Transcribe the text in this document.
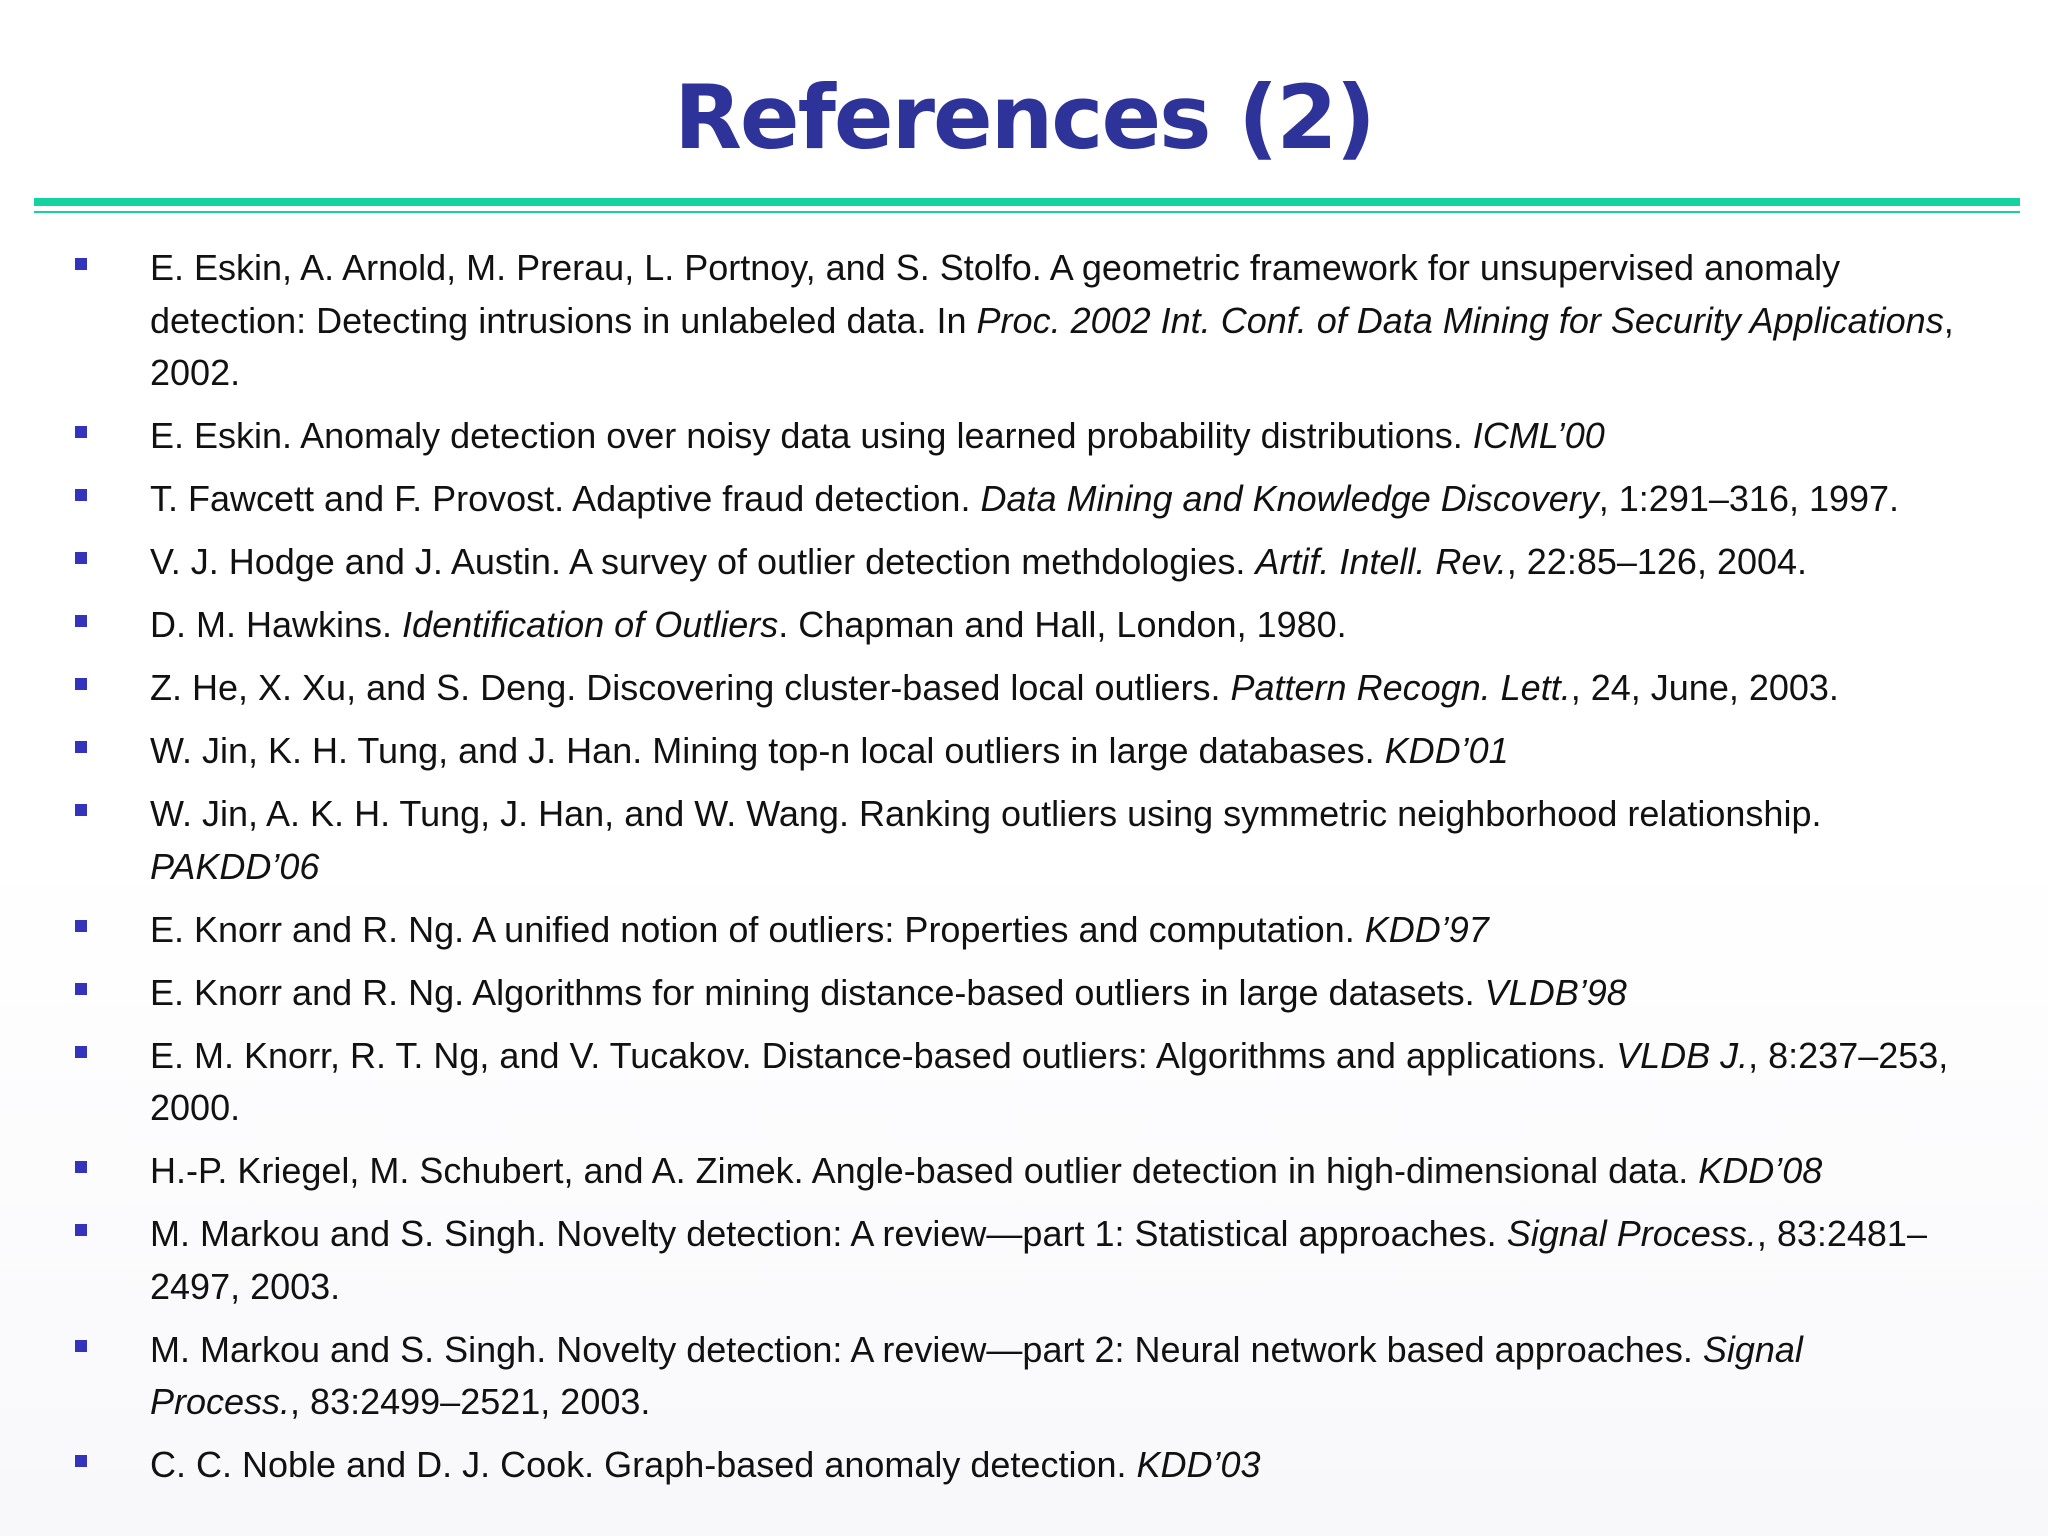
References (2)
E. Eskin, A. Arnold, M. Prerau, L. Portnoy, and S. Stolfo. A geometric framework for unsupervised anomaly detection: Detecting intrusions in unlabeled data. In Proc. 2002 Int. Conf. of Data Mining for Security Applications, 2002.
E. Eskin. Anomaly detection over noisy data using learned probability distributions. ICML’00
T. Fawcett and F. Provost. Adaptive fraud detection. Data Mining and Knowledge Discovery, 1:291–316, 1997.
V. J. Hodge and J. Austin. A survey of outlier detection methdologies. Artif. Intell. Rev., 22:85–126, 2004.
D. M. Hawkins. Identification of Outliers. Chapman and Hall, London, 1980.
Z. He, X. Xu, and S. Deng. Discovering cluster-based local outliers. Pattern Recogn. Lett., 24, June, 2003.
W. Jin, K. H. Tung, and J. Han. Mining top-n local outliers in large databases. KDD’01
W. Jin, A. K. H. Tung, J. Han, and W. Wang. Ranking outliers using symmetric neighborhood relationship. PAKDD’06
E. Knorr and R. Ng. A unified notion of outliers: Properties and computation. KDD’97
E. Knorr and R. Ng. Algorithms for mining distance-based outliers in large datasets. VLDB’98
E. M. Knorr, R. T. Ng, and V. Tucakov. Distance-based outliers: Algorithms and applications. VLDB J., 8:237–253, 2000.
H.-P. Kriegel, M. Schubert, and A. Zimek. Angle-based outlier detection in high-dimensional data. KDD’08
M. Markou and S. Singh. Novelty detection: A review—part 1: Statistical approaches. Signal Process., 83:2481–2497, 2003.
M. Markou and S. Singh. Novelty detection: A review—part 2: Neural network based approaches. Signal Process., 83:2499–2521, 2003.
C. C. Noble and D. J. Cook. Graph-based anomaly detection. KDD’03
